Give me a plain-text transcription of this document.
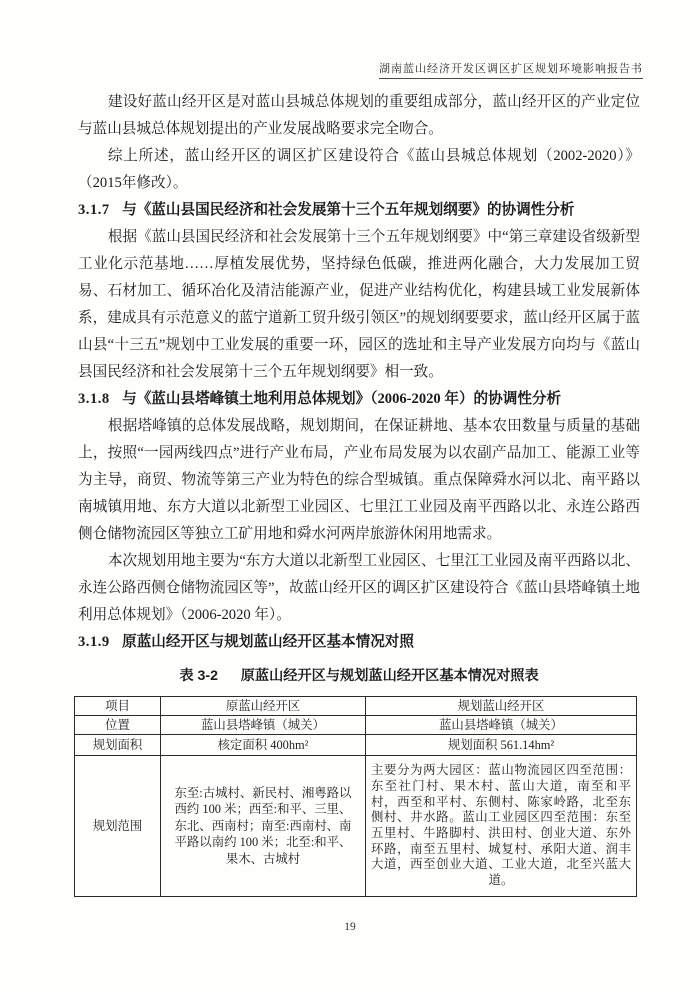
湖南蓝山经济开发区调区扩区规划环境影响报告书

建设好蓝山经开区是对蓝山县城总体规划的重要组成部分，蓝山经开区的产业定位与蓝山县城总体规划提出的产业发展战略要求完全吻合。

综上所述，蓝山经开区的调区扩区建设符合《蓝山县城总体规划（2002-2020）》（2015年修改）。

3.1.7 与《蓝山县国民经济和社会发展第十三个五年规划纲要》的协调性分析

根据《蓝山县国民经济和社会发展第十三个五年规划纲要》中“第三章建设省级新型工业化示范基地……厚植发展优势，坚持绿色低碳，推进两化融合，大力发展加工贸易、石材加工、循环冶化及清洁能源产业，促进产业结构优化，构建县域工业发展新体系，建成具有示范意义的蓝宁道新工贸升级引领区”的规划纲要要求，蓝山经开区属于蓝山县“十三五”规划中工业发展的重要一环，园区的选址和主导产业发展方向均与《蓝山县国民经济和社会发展第十三个五年规划纲要》相一致。

3.1.8 与《蓝山县塔峰镇土地利用总体规划》（2006-2020 年）的协调性分析

根据塔峰镇的总体发展战略，规划期间，在保证耕地、基本农田数量与质量的基础上，按照“一园两线四点”进行产业布局，产业布局发展为以农副产品加工、能源工业等为主导，商贸、物流等第三产业为特色的综合型城镇。重点保障舜水河以北、南平路以南城镇用地、东方大道以北新型工业园区、七里江工业园及南平西路以北、永连公路西侧仓储物流园区等独立工矿用地和舜水河两岸旅游休闲用地需求。

本次规划用地主要为“东方大道以北新型工业园区、七里江工业园及南平西路以北、永连公路西侧仓储物流园区等”，故蓝山经开区的调区扩区建设符合《蓝山县塔峰镇土地利用总体规划》（2006-2020 年）。

3.1.9 原蓝山经开区与规划蓝山经开区基本情况对照
表 3-2 原蓝山经开区与规划蓝山经开区基本情况对照表
项目	原蓝山经开区	规划蓝山经开区
位置	蓝山县塔峰镇（城关）	蓝山县塔峰镇（城关）
规划面积	核定面积 400hm²	规划面积 561.14hm²
规划范围	东至:古城村、新民村、湘粤路以西约 100 米；西至:和平、三里、东北、西南村；南至:西南村、南平路以南约 100 米；北至:和平、果木、古城村	主要分为两大园区：蓝山物流园区四至范围：东至社门村、果木村、蓝山大道，南至和平村，西至和平村、东侧村、陈家岭路，北至东侧村、井水路。蓝山工业园区四至范围：东至五里村、牛路脚村、洪田村、创业大道、东外环路，南至五里村、城复村、承阳大道、润丰大道，西至创业大道、工业大道，北至兴蓝大道。
19
